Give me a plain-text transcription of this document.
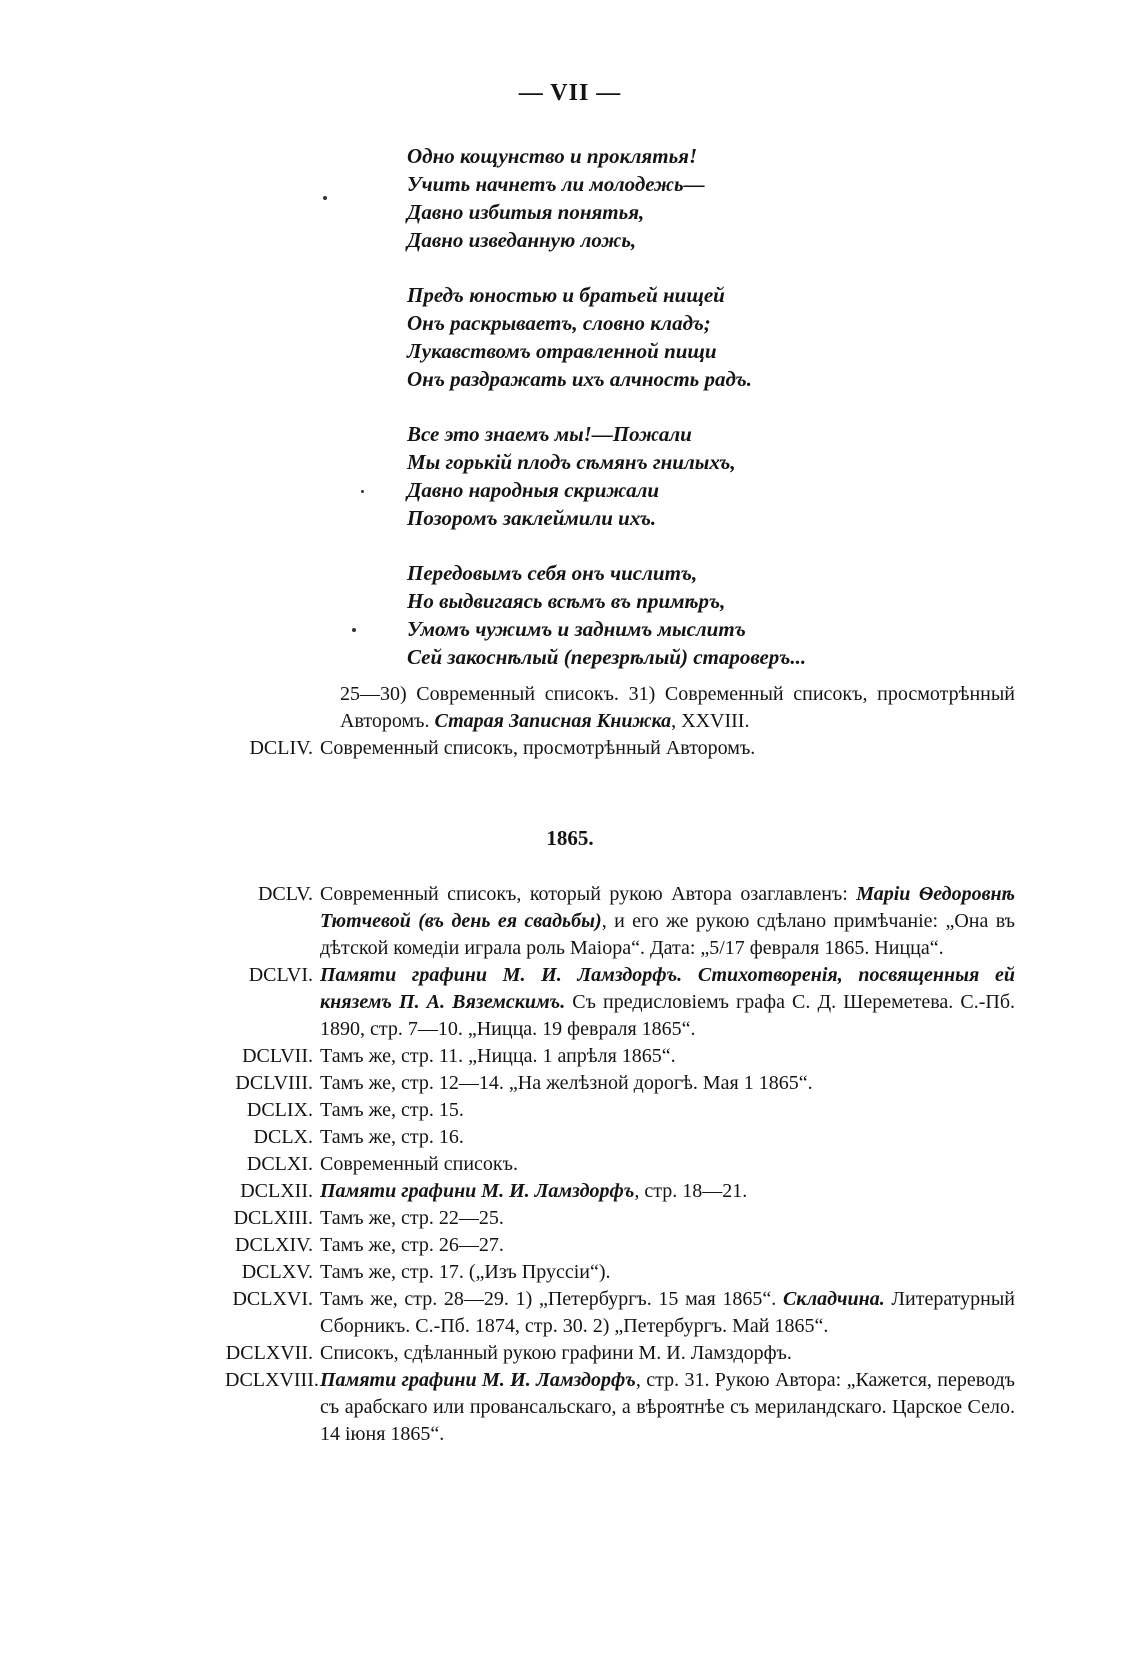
— VII —
Одно кощунство и проклятья!
Учить начнетъ ли молодежь—
Давно избитыя понятья,
Давно изведанную ложь,
Предъ юностью и братьей нищей
Онъ раскрываетъ, словно кладъ;
Лукавствомъ отравленной пищи
Онъ раздражать ихъ алчность радъ.
Все это знаемъ мы!—Пожали
Мы горькій плодъ сѣмянъ гнилыхъ,
Давно народныя скрижали
Позоромъ заклеймили ихъ.
Передовымъ себя онъ числитъ,
Но выдвигаясь всѣмъ въ примѣръ,
Умомъ чужимъ и заднимъ мыслитъ
Сей закоснѣлый (перезрѣлый) староверъ...
25—30) Современный списокъ. 31) Современный списокъ, просмотрѣнный Авторомъ. Старая Записная Книжка, XXVIII.
DCLIV. Современный списокъ, просмотрѣнный Авторомъ.
1865.
DCLV. Современный списокъ, который рукою Автора озаглавленъ: Маріи Ѳедоровнѣ Тютчевой (въ день ея свадьбы), и его же рукою сдѣлано примѣчаніе: „Она въ дѣтской комедіи играла роль Маіора“. Дата: „5/17 февраля 1865. Ницца“.
DCLVI. Памяти графини М. И. Ламздорфъ. Стихотворенія, посвященныя ей княземъ П. А. Вяземскимъ. Съ предисловіемъ графа С. Д. Шереметева. С.-Пб. 1890, стр. 7—10. „Ницца. 19 февраля 1865“.
DCLVII. Тамъ же, стр. 11. „Ницца. 1 апрѣля 1865“.
DCLVIII. Тамъ же, стр. 12—14. „На желѣзной дорогѣ. Мая 1 1865“.
DCLIX. Тамъ же, стр. 15.
DCLX. Тамъ же, стр. 16.
DCLXI. Современный списокъ.
DCLXII. Памяти графини М. И. Ламздорфъ, стр. 18—21.
DCLXIII. Тамъ же, стр. 22—25.
DCLXIV. Тамъ же, стр. 26—27.
DCLXV. Тамъ же, стр. 17. („Изъ Пруссіи“).
DCLXVI. Тамъ же, стр. 28—29. 1) „Петербургъ. 15 мая 1865“. Складчина. Литературный Сборникъ. С.-Пб. 1874, стр. 30. 2) „Петербургъ. Май 1865“.
DCLXVII. Списокъ, сдѣланный рукою графини М. И. Ламздорфъ.
DCLXVIII. Памяти графини М. И. Ламздорфъ, стр. 31. Рукою Автора: „Кажется, переводъ съ арабскаго или провансальскаго, а вѣроятнѣе съ мериландскаго. Царское Село. 14 іюня 1865“.
